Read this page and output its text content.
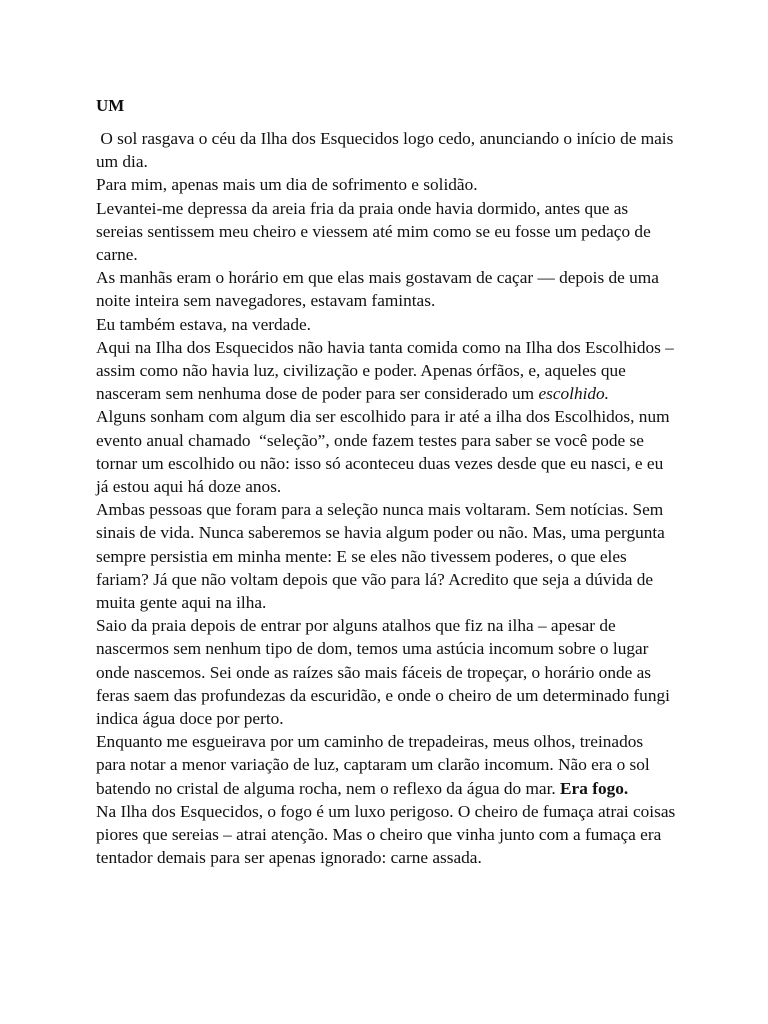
UM

O sol rasgava o céu da Ilha dos Esquecidos logo cedo, anunciando o início de mais um dia.

Para mim, apenas mais um dia de sofrimento e solidão.

Levantei-me depressa da areia fria da praia onde havia dormido, antes que as sereias sentissem meu cheiro e viessem até mim como se eu fosse um pedaço de carne.

As manhãs eram o horário em que elas mais gostavam de caçar — depois de uma noite inteira sem navegadores, estavam famintas.

Eu também estava, na verdade.

Aqui na Ilha dos Esquecidos não havia tanta comida como na Ilha dos Escolhidos – assim como não havia luz, civilização e poder. Apenas órfãos, e, aqueles que nasceram sem nenhuma dose de poder para ser considerado um escolhido.

Alguns sonham com algum dia ser escolhido para ir até a ilha dos Escolhidos, num evento anual chamado  “seleção”, onde fazem testes para saber se você pode se tornar um escolhido ou não: isso só aconteceu duas vezes desde que eu nasci, e eu já estou aqui há doze anos.

Ambas pessoas que foram para a seleção nunca mais voltaram. Sem notícias. Sem sinais de vida. Nunca saberemos se havia algum poder ou não. Mas, uma pergunta sempre persistia em minha mente: E se eles não tivessem poderes, o que eles fariam? Já que não voltam depois que vão para lá? Acredito que seja a dúvida de muita gente aqui na ilha.

Saio da praia depois de entrar por alguns atalhos que fiz na ilha – apesar de nascermos sem nenhum tipo de dom, temos uma astúcia incomum sobre o lugar onde nascemos. Sei onde as raízes são mais fáceis de tropeçar, o horário onde as feras saem das profundezas da escuridão, e onde o cheiro de um determinado fungi indica água doce por perto.

Enquanto me esgueirava por um caminho de trepadeiras, meus olhos, treinados para notar a menor variação de luz, captaram um clarão incomum. Não era o sol batendo no cristal de alguma rocha, nem o reflexo da água do mar. Era fogo.

Na Ilha dos Esquecidos, o fogo é um luxo perigoso. O cheiro de fumaça atrai coisas piores que sereias – atrai atenção. Mas o cheiro que vinha junto com a fumaça era tentador demais para ser apenas ignorado: carne assada.
